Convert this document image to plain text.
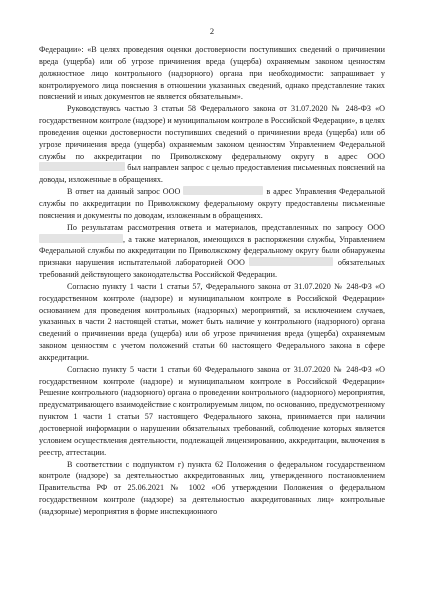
2

Федерации»: «В целях проведения оценки достоверности поступивших сведений о причинении вреда (ущерба) или об угрозе причинения вреда (ущерба) охраняемым законом ценностям должностное лицо контрольного (надзорного) органа при необходимости: запрашивает у контролируемого лица пояснения в отношении указанных сведений, однако представление таких пояснений и иных документов не является обязательным».

Руководствуясь частью 3 статьи 58 Федерального закона от 31.07.2020 № 248-ФЗ «О государственном контроле (надзоре) и муниципальном контроле в Российской Федерации», в целях проведения оценки достоверности поступивших сведений о причинении вреда (ущерба) или об угрозе причинения вреда (ущерба) охраняемым законом ценностям Управлением Федеральной службы по аккредитации по Приволжскому федеральному округу в адрес ООО  был направлен запрос с целью предоставления письменных пояснений на доводы, изложенные в обращениях.

В ответ на данный запрос ООО	в адрес Управления Федеральной службы по аккредитации по Приволжскому федеральному округу предоставлены письменные пояснения и документы по доводам, изложенным в обращениях.

По результатам рассмотрения ответа и материалов, представленных по запросу ООО , а также материалов, имеющихся в распоряжении службы, Управлением Федеральной службы по аккредитации по Приволжскому федеральному округу были обнаружены признаки нарушения испытательной лабораторией ООО	обязательных требований действующего законодательства Российской Федерации.

Согласно пункту 1 части 1 статьи 57, Федерального закона от 31.07.2020 № 248-ФЗ «О государственном контроле (надзоре) и муниципальном контроле в Российской Федерации» основанием для проведения контрольных (надзорных) мероприятий, за исключением случаев, указанных в части 2 настоящей статьи, может быть наличие у контрольного (надзорного) органа сведений о причинении вреда (ущерба) или об угрозе причинения вреда (ущерба) охраняемым законом ценностям с учетом положений статьи 60 настоящего Федерального закона в сфере аккредитации.

Согласно пункту 5 части 1 статьи 60 Федерального закона от 31.07.2020 № 248-ФЗ «О государственном контроле (надзоре) и муниципальном контроле в Российской Федерации» Решение контрольного (надзорного) органа о проведении контрольного (надзорного) мероприятия, предусматривающего взаимодействие с контролируемым лицом, по основанию, предусмотренному пунктом 1 части 1 статьи 57 настоящего Федерального закона, принимается при наличии достоверной информации о нарушении обязательных требований, соблюдение которых является условием осуществления деятельности, подлежащей лицензированию, аккредитации, включения в реестр, аттестации.

В соответствии с подпунктом г) пункта 62 Положения о федеральном государственном контроле (надзоре) за деятельностью аккредитованных лиц, утвержденного постановлением Правительства РФ от 25.06.2021 № 1002 «Об утверждении Положения о федеральном государственном контроле (надзоре) за деятельностью аккредитованных лиц» контрольные (надзорные) мероприятия в форме инспекционного
